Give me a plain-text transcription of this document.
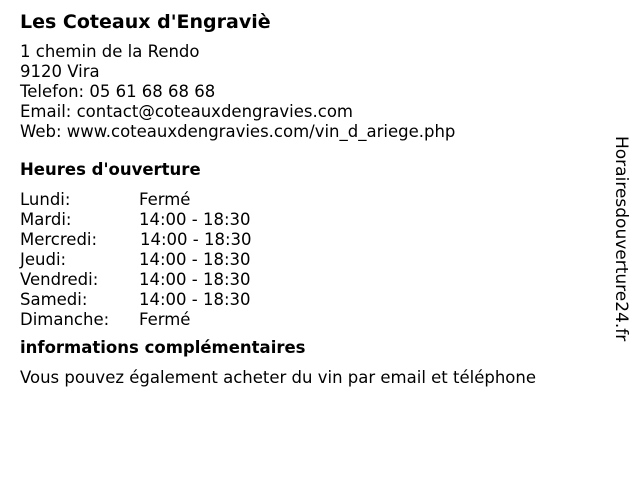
Les Coteaux d'Engraviè
1 chemin de la Rendo
9120 Vira
Telefon: 05 61 68 68 68
Email: contact@coteauxdengravies.com
Web: www.coteauxdengravies.com/vin_d_ariege.php
Heures d'ouverture
Lundi:	Fermé
Mardi:	14:00 - 18:30
Mercredi:	14:00 - 18:30
Jeudi:	14:00 - 18:30
Vendredi:	14:00 - 18:30
Samedi:	14:00 - 18:30
Dimanche:	Fermé
informations complémentaires
Vous pouvez également acheter du vin par email et téléphone
Horairesdouverture24.fr
